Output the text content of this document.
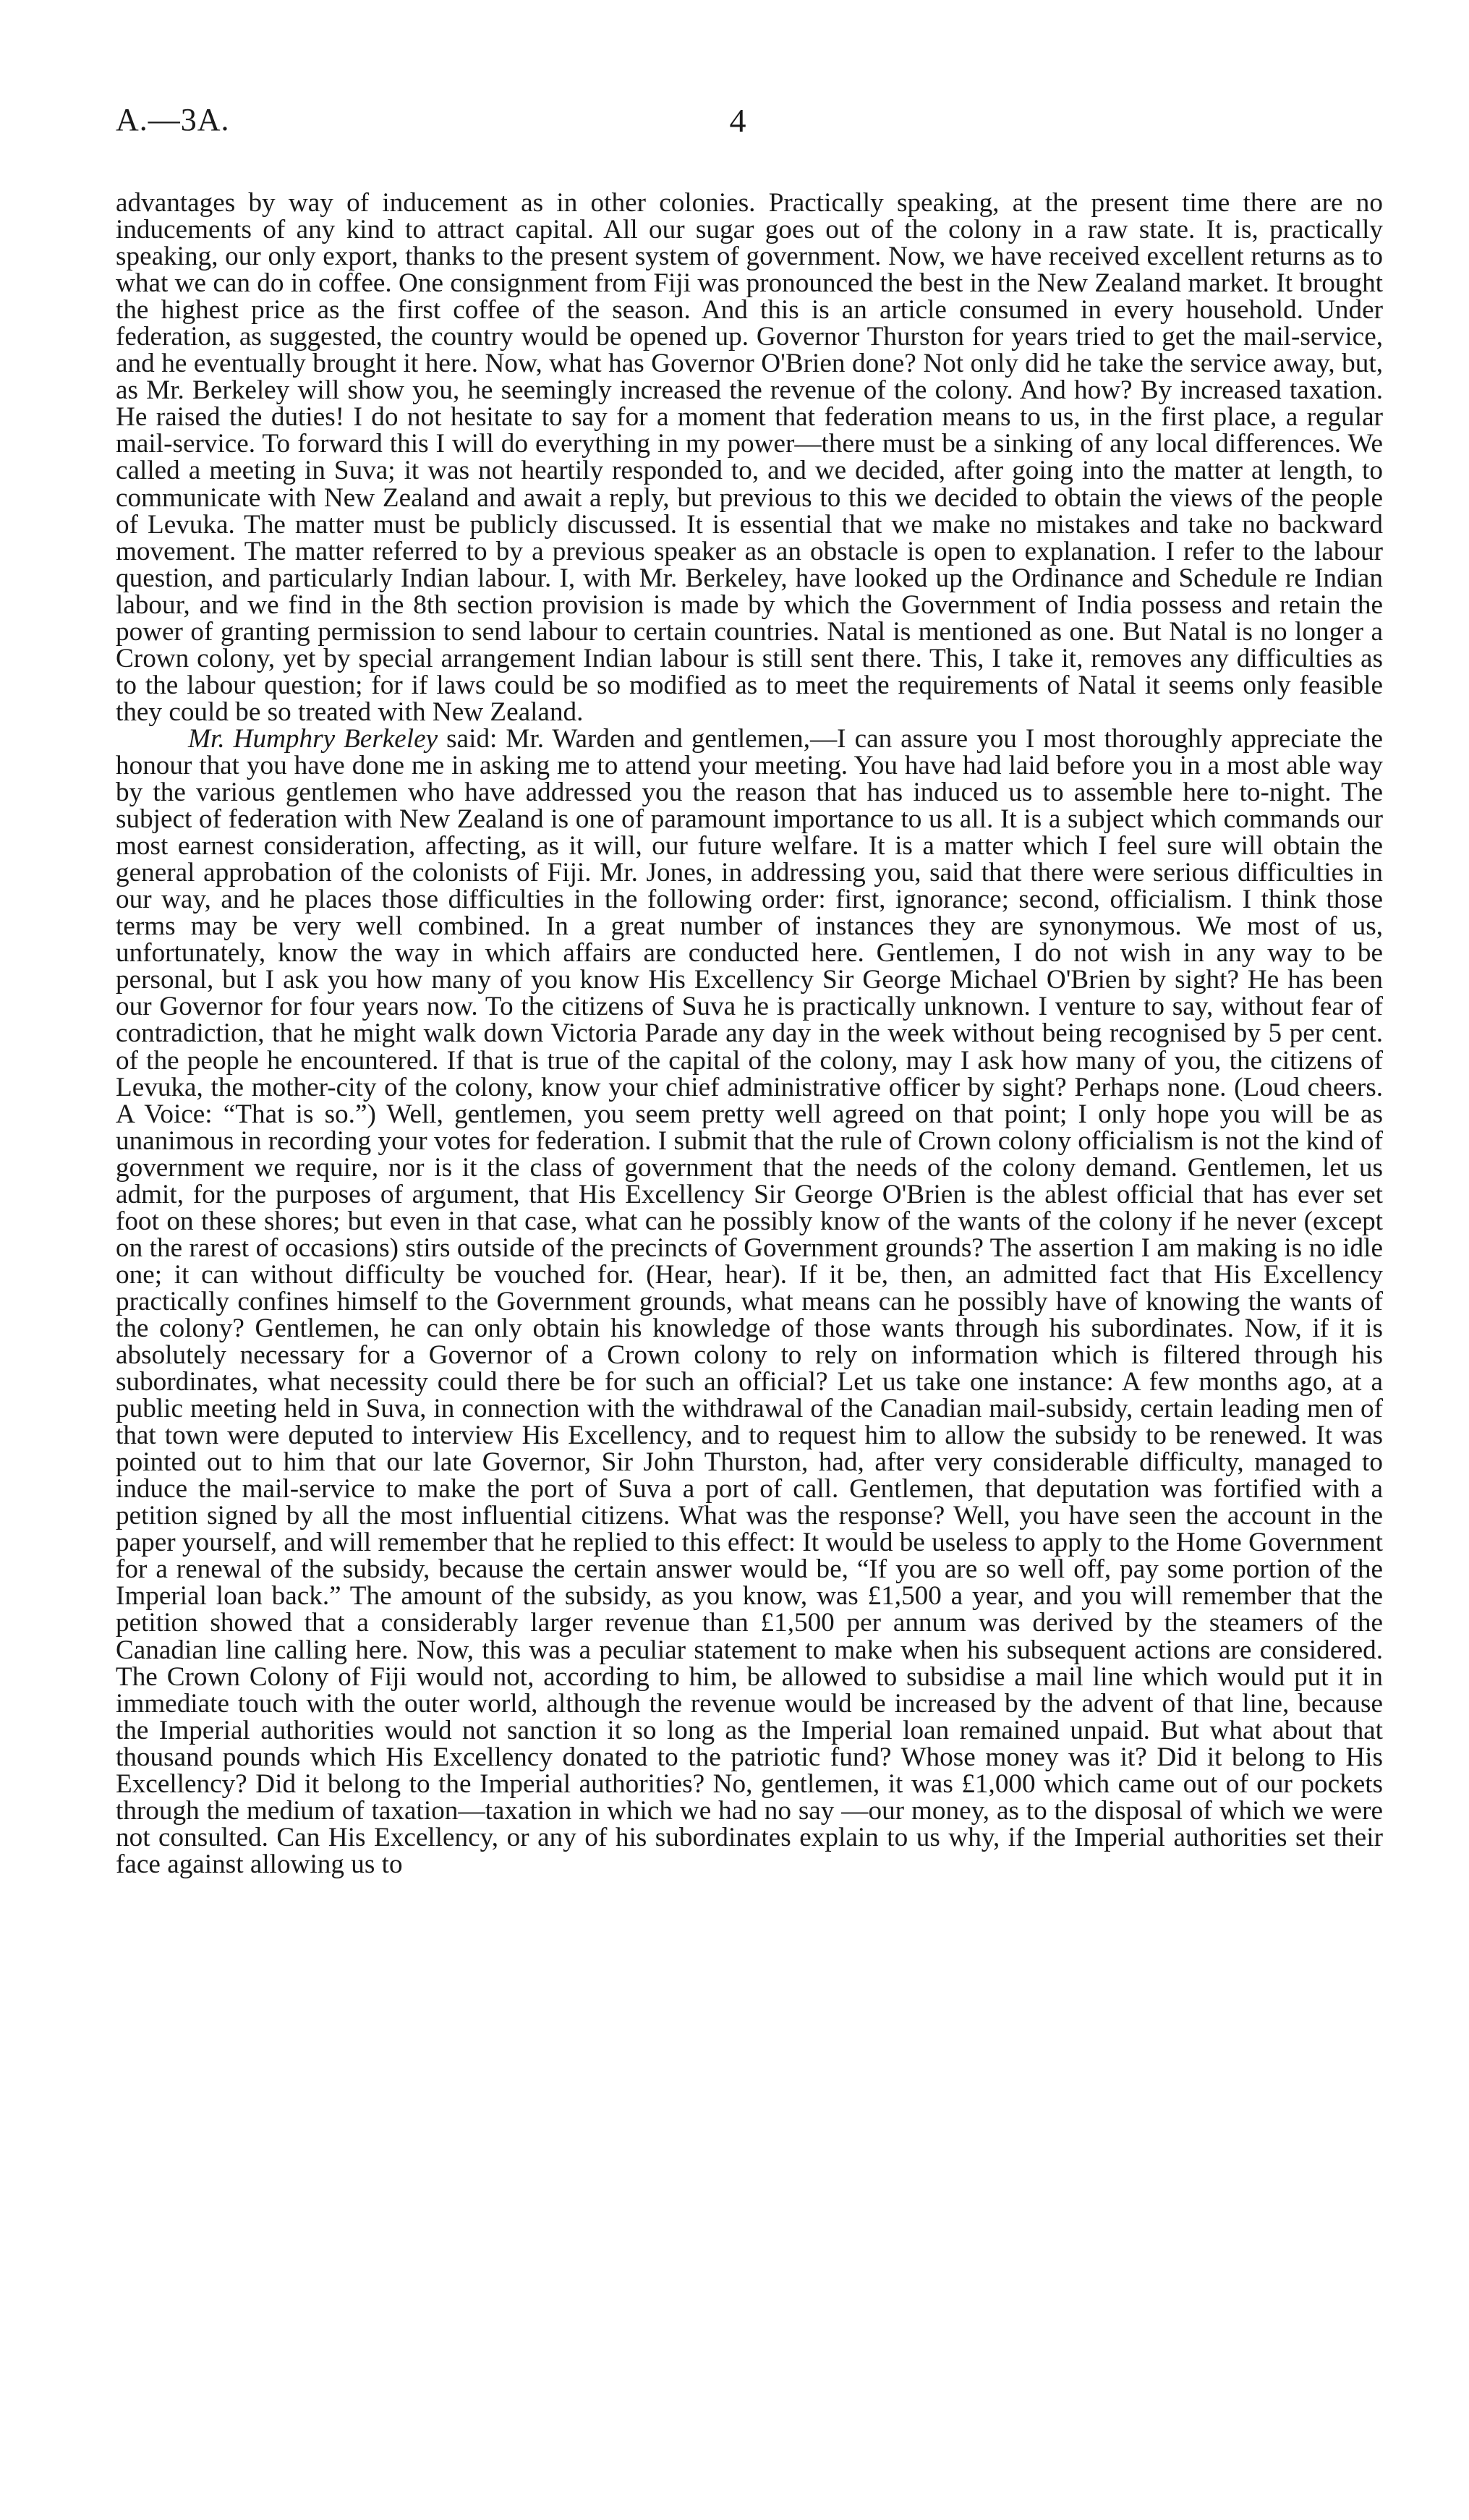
A.—3A.	4

advantages by way of inducement as in other colonies. Practically speaking, at the present time there are no inducements of any kind to attract capital. All our sugar goes out of the colony in a raw state. It is, practically speaking, our only export, thanks to the present system of government. Now, we have received excellent returns as to what we can do in coffee. One consignment from Fiji was pronounced the best in the New Zealand market. It brought the highest price as the first coffee of the season. And this is an article consumed in every household. Under federation, as suggested, the country would be opened up. Governor Thurston for years tried to get the mail-service, and he eventually brought it here. Now, what has Governor O'Brien done? Not only did he take the service away, but, as Mr. Berkeley will show you, he seemingly increased the revenue of the colony. And how? By increased taxation. He raised the duties! I do not hesitate to say for a moment that federation means to us, in the first place, a regular mail-service. To forward this I will do everything in my power—there must be a sinking of any local differences. We called a meeting in Suva; it was not heartily responded to, and we decided, after going into the matter at length, to communicate with New Zealand and await a reply, but previous to this we decided to obtain the views of the people of Levuka. The matter must be publicly discussed. It is essential that we make no mistakes and take no backward movement. The matter referred to by a previous speaker as an obstacle is open to explanation. I refer to the labour question, and particularly Indian labour. I, with Mr. Berkeley, have looked up the Ordinance and Schedule re Indian labour, and we find in the 8th section provision is made by which the Government of India possess and retain the power of granting permission to send labour to certain countries. Natal is mentioned as one. But Natal is no longer a Crown colony, yet by special arrangement Indian labour is still sent there. This, I take it, removes any difficulties as to the labour question; for if laws could be so modified as to meet the requirements of Natal it seems only feasible they could be so treated with New Zealand.

Mr. Humphry Berkeley said: Mr. Warden and gentlemen,—I can assure you I most thoroughly appreciate the honour that you have done me in asking me to attend your meeting. You have had laid before you in a most able way by the various gentlemen who have addressed you the reason that has induced us to assemble here to-night. The subject of federation with New Zealand is one of paramount importance to us all. It is a subject which commands our most earnest consideration, affecting, as it will, our future welfare. It is a matter which I feel sure will obtain the general approbation of the colonists of Fiji. Mr. Jones, in addressing you, said that there were serious difficulties in our way, and he places those difficulties in the following order: first, ignorance; second, officialism. I think those terms may be very well combined. In a great number of instances they are synonymous. We most of us, unfortunately, know the way in which affairs are conducted here. Gentlemen, I do not wish in any way to be personal, but I ask you how many of you know His Excellency Sir George Michael O'Brien by sight? He has been our Governor for four years now. To the citizens of Suva he is practically unknown. I venture to say, without fear of contradiction, that he might walk down Victoria Parade any day in the week without being recognised by 5 per cent. of the people he encountered. If that is true of the capital of the colony, may I ask how many of you, the citizens of Levuka, the mother-city of the colony, know your chief administrative officer by sight? Perhaps none. (Loud cheers. A Voice: “That is so.”) Well, gentlemen, you seem pretty well agreed on that point; I only hope you will be as unanimous in recording your votes for federation. I submit that the rule of Crown colony officialism is not the kind of government we require, nor is it the class of government that the needs of the colony demand. Gentlemen, let us admit, for the purposes of argument, that His Excellency Sir George O'Brien is the ablest official that has ever set foot on these shores; but even in that case, what can he possibly know of the wants of the colony if he never (except on the rarest of occasions) stirs outside of the precincts of Government grounds? The assertion I am making is no idle one; it can without difficulty be vouched for. (Hear, hear). If it be, then, an admitted fact that His Excellency practically confines himself to the Government grounds, what means can he possibly have of knowing the wants of the colony? Gentlemen, he can only obtain his knowledge of those wants through his subordinates. Now, if it is absolutely necessary for a Governor of a Crown colony to rely on information which is filtered through his subordinates, what necessity could there be for such an official? Let us take one instance: A few months ago, at a public meeting held in Suva, in connection with the withdrawal of the Canadian mail-subsidy, certain leading men of that town were deputed to interview His Excellency, and to request him to allow the subsidy to be renewed. It was pointed out to him that our late Governor, Sir John Thurston, had, after very considerable difficulty, managed to induce the mail-service to make the port of Suva a port of call. Gentlemen, that deputation was fortified with a petition signed by all the most influential citizens. What was the response? Well, you have seen the account in the paper yourself, and will remember that he replied to this effect: It would be useless to apply to the Home Government for a renewal of the subsidy, because the certain answer would be, “If you are so well off, pay some portion of the Imperial loan back.” The amount of the subsidy, as you know, was £1,500 a year, and you will remember that the petition showed that a considerably larger revenue than £1,500 per annum was derived by the steamers of the Canadian line calling here. Now, this was a peculiar statement to make when his subsequent actions are considered. The Crown Colony of Fiji would not, according to him, be allowed to subsidise a mail line which would put it in immediate touch with the outer world, although the revenue would be increased by the advent of that line, because the Imperial authorities would not sanction it so long as the Imperial loan remained unpaid. But what about that thousand pounds which His Excellency donated to the patriotic fund? Whose money was it? Did it belong to His Excellency? Did it belong to the Imperial authorities? No, gentlemen, it was £1,000 which came out of our pockets through the medium of taxation—taxation in which we had no say —our money, as to the disposal of which we were not consulted. Can His Excellency, or any of his subordinates explain to us why, if the Imperial authorities set their face against allowing us to
